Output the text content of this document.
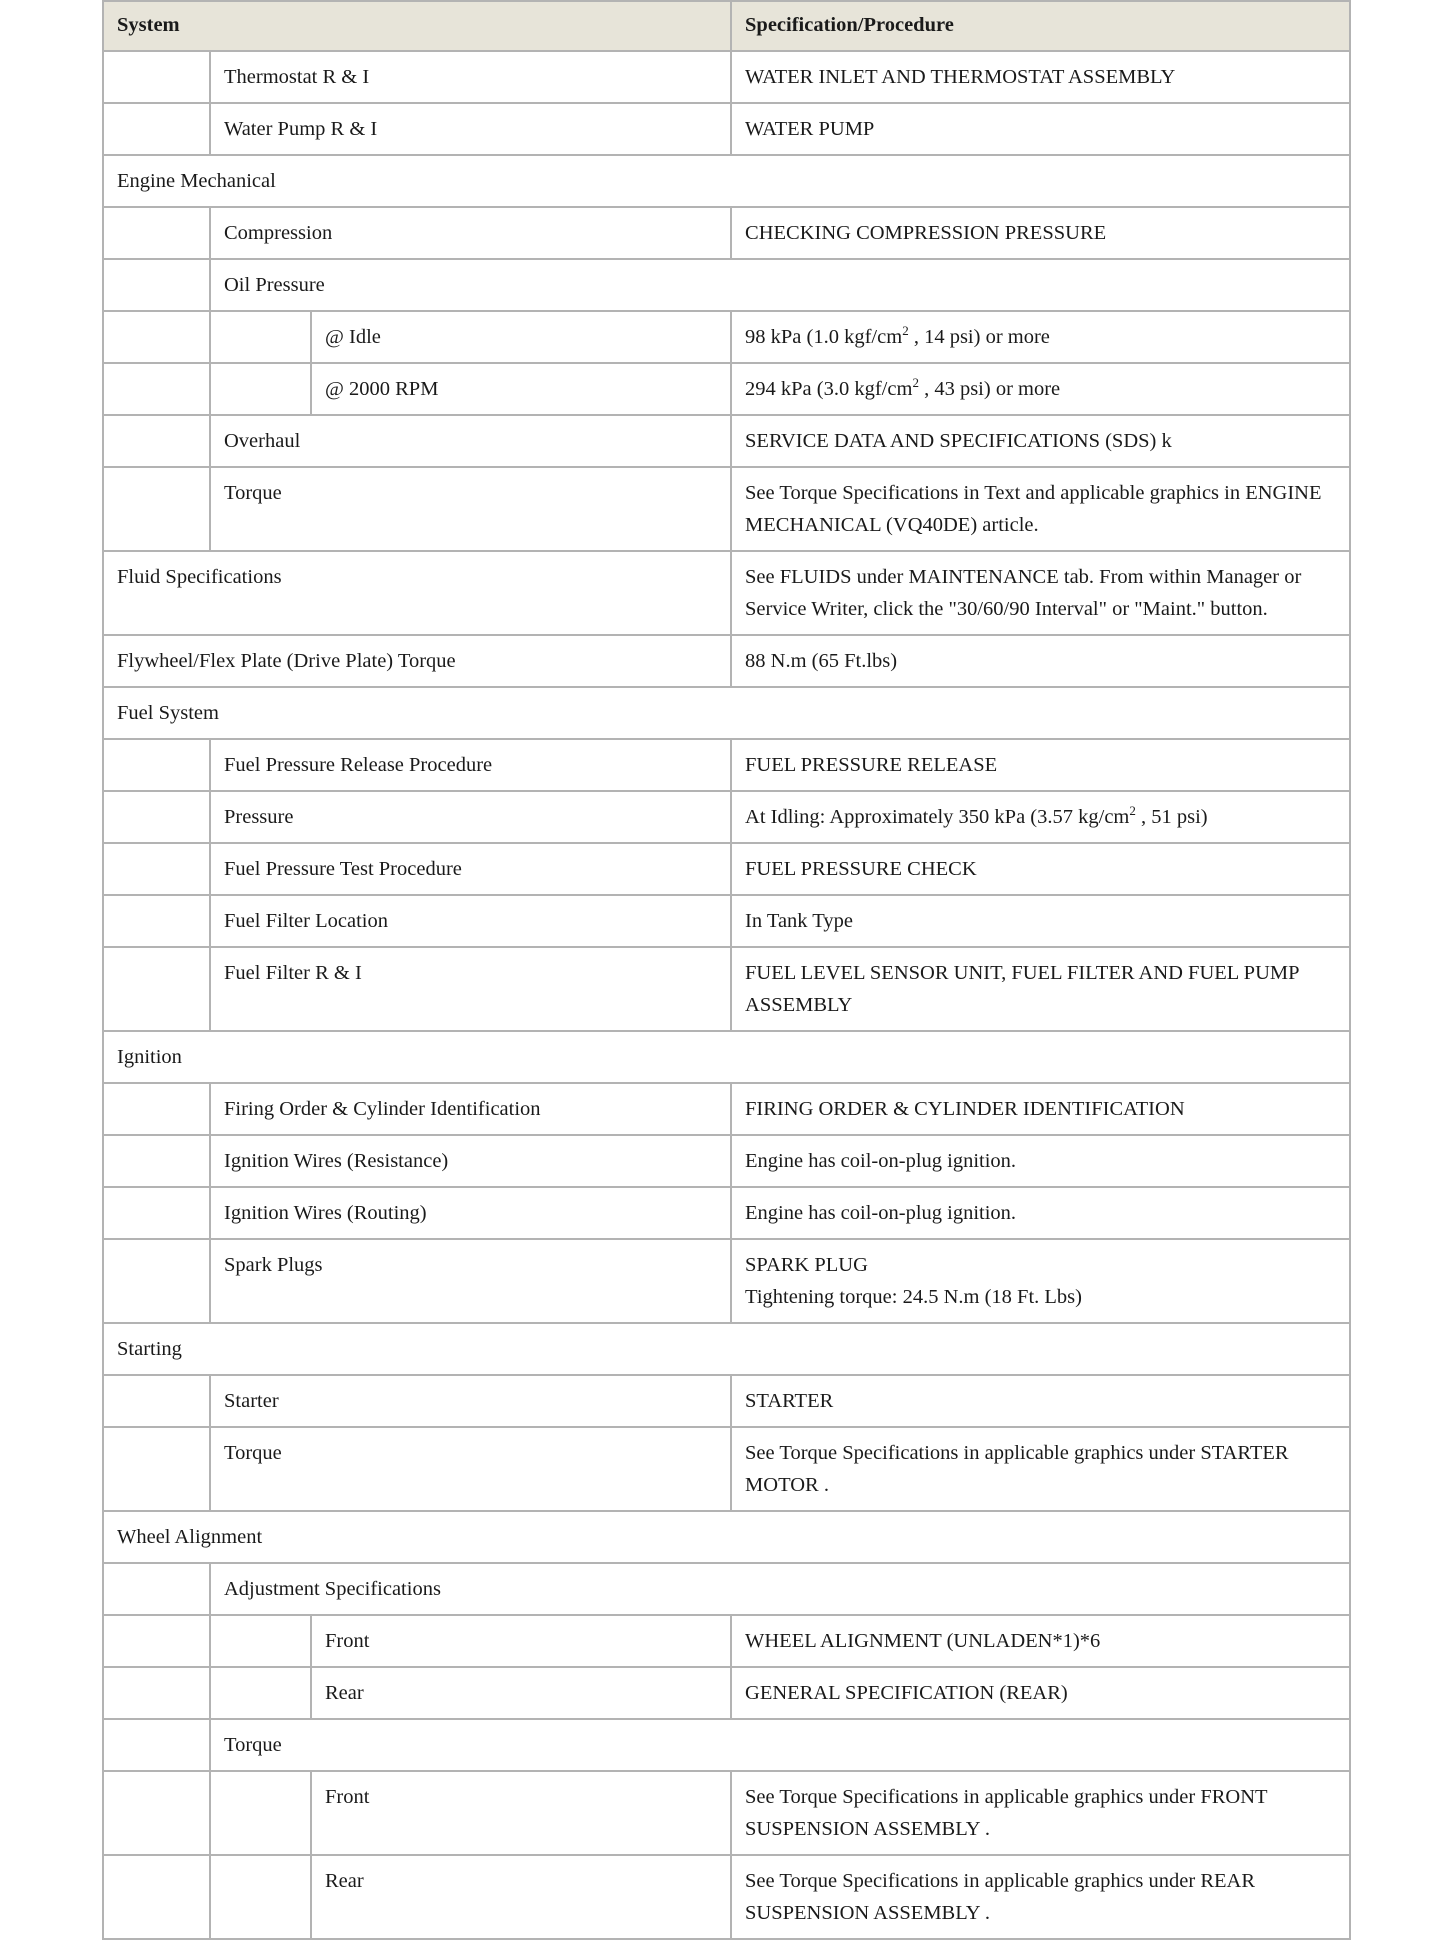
System			Specification/Procedure
	Thermostat R & I		WATER INLET AND THERMOSTAT ASSEMBLY

	Water Pump R & I		WATER PUMP

Engine Mechanical			
	Compression		CHECKING COMPRESSION PRESSURE

	Oil Pressure		
		@ Idle	98 kPa (1.0 kgf/$cm^2$ , 14 psi) or more

		@ 2000 RPM	294 kPa (3.0 kgf/$cm^2$ , 43 psi) or more

	Overhaul		SERVICE DATA AND SPECIFICATIONS (SDS) k

	Torque		See Torque Specifications in Text and applicable graphics in ENGINE MECHANICAL (VQ40DE) article.

Fluid Specifications			See FLUIDS under MAINTENANCE tab. From within Manager or Service Writer, click the "30/60/90 Interval" or "Maint." button.

Flywheel/Flex Plate (Drive Plate) Torque			88 N.m (65 Ft.lbs)

Fuel System			
	Fuel Pressure Release Procedure		FUEL PRESSURE RELEASE

	Pressure		At Idling: Approximately 350 kPa (3.57 $kg/cm^2$ , 51 psi)

	Fuel Pressure Test Procedure		FUEL PRESSURE CHECK

	Fuel Filter Location		In Tank Type

	Fuel Filter R & I		FUEL LEVEL SENSOR UNIT, FUEL FILTER AND FUEL PUMP ASSEMBLY

Ignition			
	Firing Order & Cylinder Identification		FIRING ORDER & CYLINDER IDENTIFICATION

	Ignition Wires (Resistance)		Engine has coil-on-plug ignition.

	Ignition Wires (Routing)		Engine has coil-on-plug ignition.

	Spark Plugs		SPARK PLUG
Tightening torque: 24.5 N.m (18 Ft. Lbs)

Starting			
	Starter		STARTER

	Torque		See Torque Specifications in applicable graphics under STARTER MOTOR .

Wheel Alignment			
	Adjustment Specifications		
		Front	WHEEL ALIGNMENT (UNLADEN*1)*6

		Rear	GENERAL SPECIFICATION (REAR)

	Torque		
		Front	See Torque Specifications in applicable graphics under FRONT SUSPENSION ASSEMBLY .

		Rear	See Torque Specifications in applicable graphics under REAR SUSPENSION ASSEMBLY .
